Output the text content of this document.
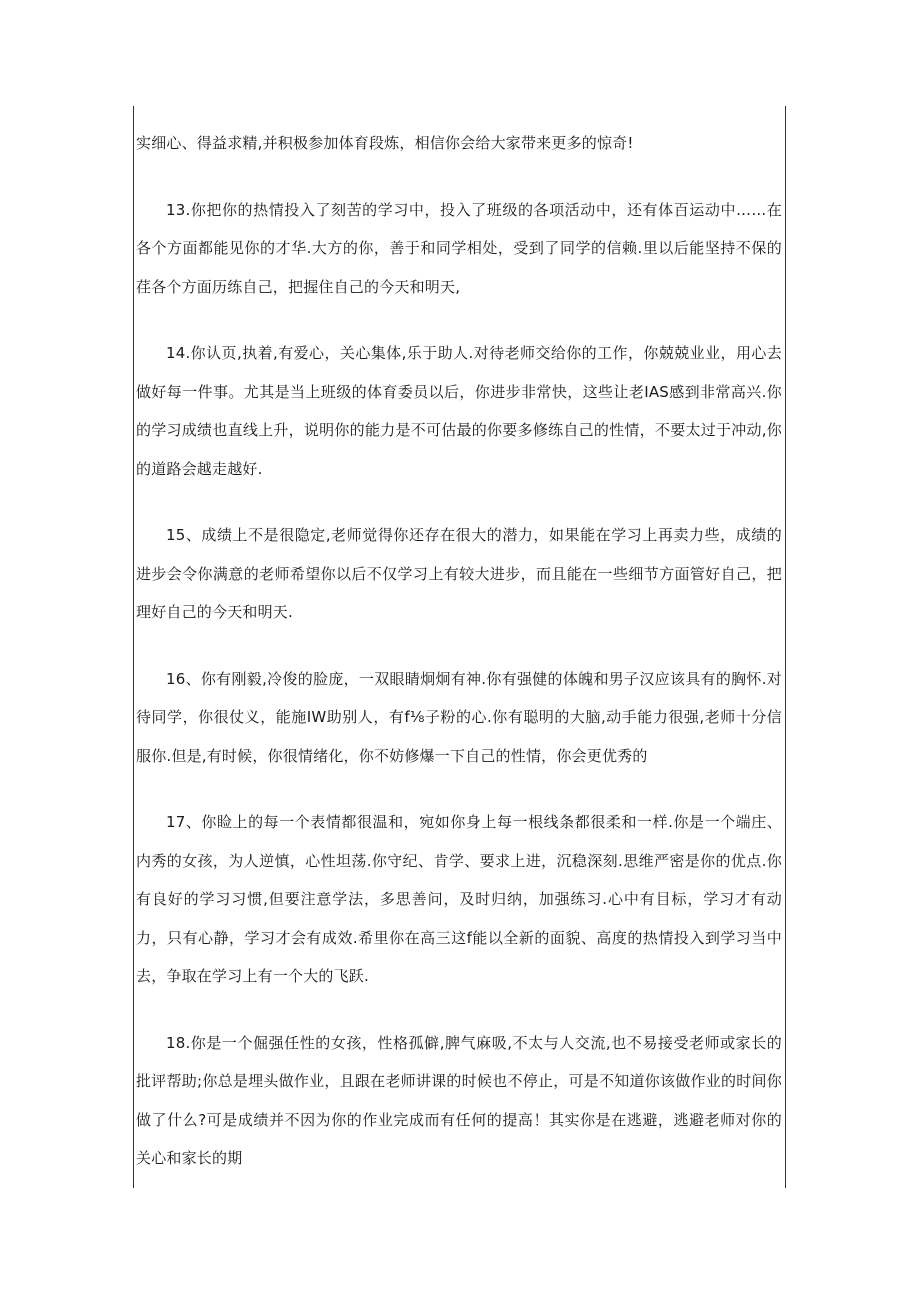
实细心、得益求精,并积极参加体育段炼，相信你会给大家带来更多的惊奇!

13.你把你的热情投入了刻苦的学习中，投入了班级的各项活动中，还有体百运动中……在各个方面都能见你的才华.大方的你，善于和同学相处，受到了同学的信赖.里以后能坚持不保的荏各个方面历练自己，把握住自己的今天和明天,

14.你认页,执着,有爱心，关心集体,乐于助人.对待老师交给你的工作，你兢兢业业，用心去做好每一件事。尤其是当上班级的体育委员以后，你进步非常快，这些让老IAS感到非常高兴.你的学习成绩也直线上升，说明你的能力是不可估最的你要多修练自己的性情，不要太过于冲动,你的道路会越走越好.

15、成绩上不是很隐定,老师觉得你还存在很大的潜力，如果能在学习上再卖力些，成绩的进步会令你满意的老师希望你以后不仅学习上有较大进步，而且能在一些细节方面管好自己，把理好自己的今天和明天.

16、你有刚毅,冷俊的脸庞，一双眼睛炯炯有神.你有强健的体魄和男子汉应该具有的胸怀.对待同学，你很仗义，能施IW助别人，有f⅛子粉的心.你有聪明的大脑,动手能力很强,老师十分信服你.但是,有时候，你很情绪化，你不妨修爆一下自己的性情，你会更优秀的

17、你睑上的每一个表情都很温和，宛如你身上每一根线条都很柔和一样.你是一个端庄、内秀的女孩，为人逆慎，心性坦荡.你守纪、肯学、要求上进，沉稳深刻.思维严密是你的优点.你有良好的学习习惯,但要注意学法，多思善问，及时归纳，加强练习.心中有目标，学习才有动力，只有心静，学习才会有成效.希里你在高三这f能以全新的面貌、高度的热情投入到学习当中去，争取在学习上有一个大的飞跃.

18.你是一个倔强任性的女孩，性格孤僻,脾气麻吸,不太与人交流,也不易接受老师或家长的批评帮助;你总是埋头做作业，且跟在老师讲课的时候也不停止，可是不知道你该做作业的时间你做了什么?可是成绩并不因为你的作业完成而有任何的提高！其实你是在逃避，逃避老师对你的关心和家长的期
